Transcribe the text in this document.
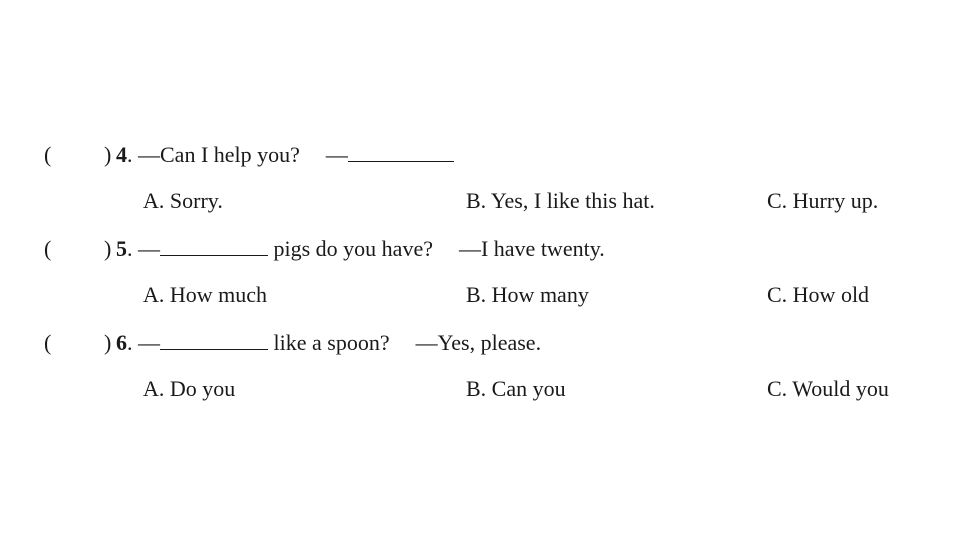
( ) 4. —Can I help you? —
A. Sorry.	B. Yes, I like this hat.	C. Hurry up.
( ) 5. —	pigs do you have? —I have twenty.
A. How much	B. How many	C. How old
( ) 6. —	like a spoon? —Yes, please.
A. Do you	B. Can you	C. Would you
